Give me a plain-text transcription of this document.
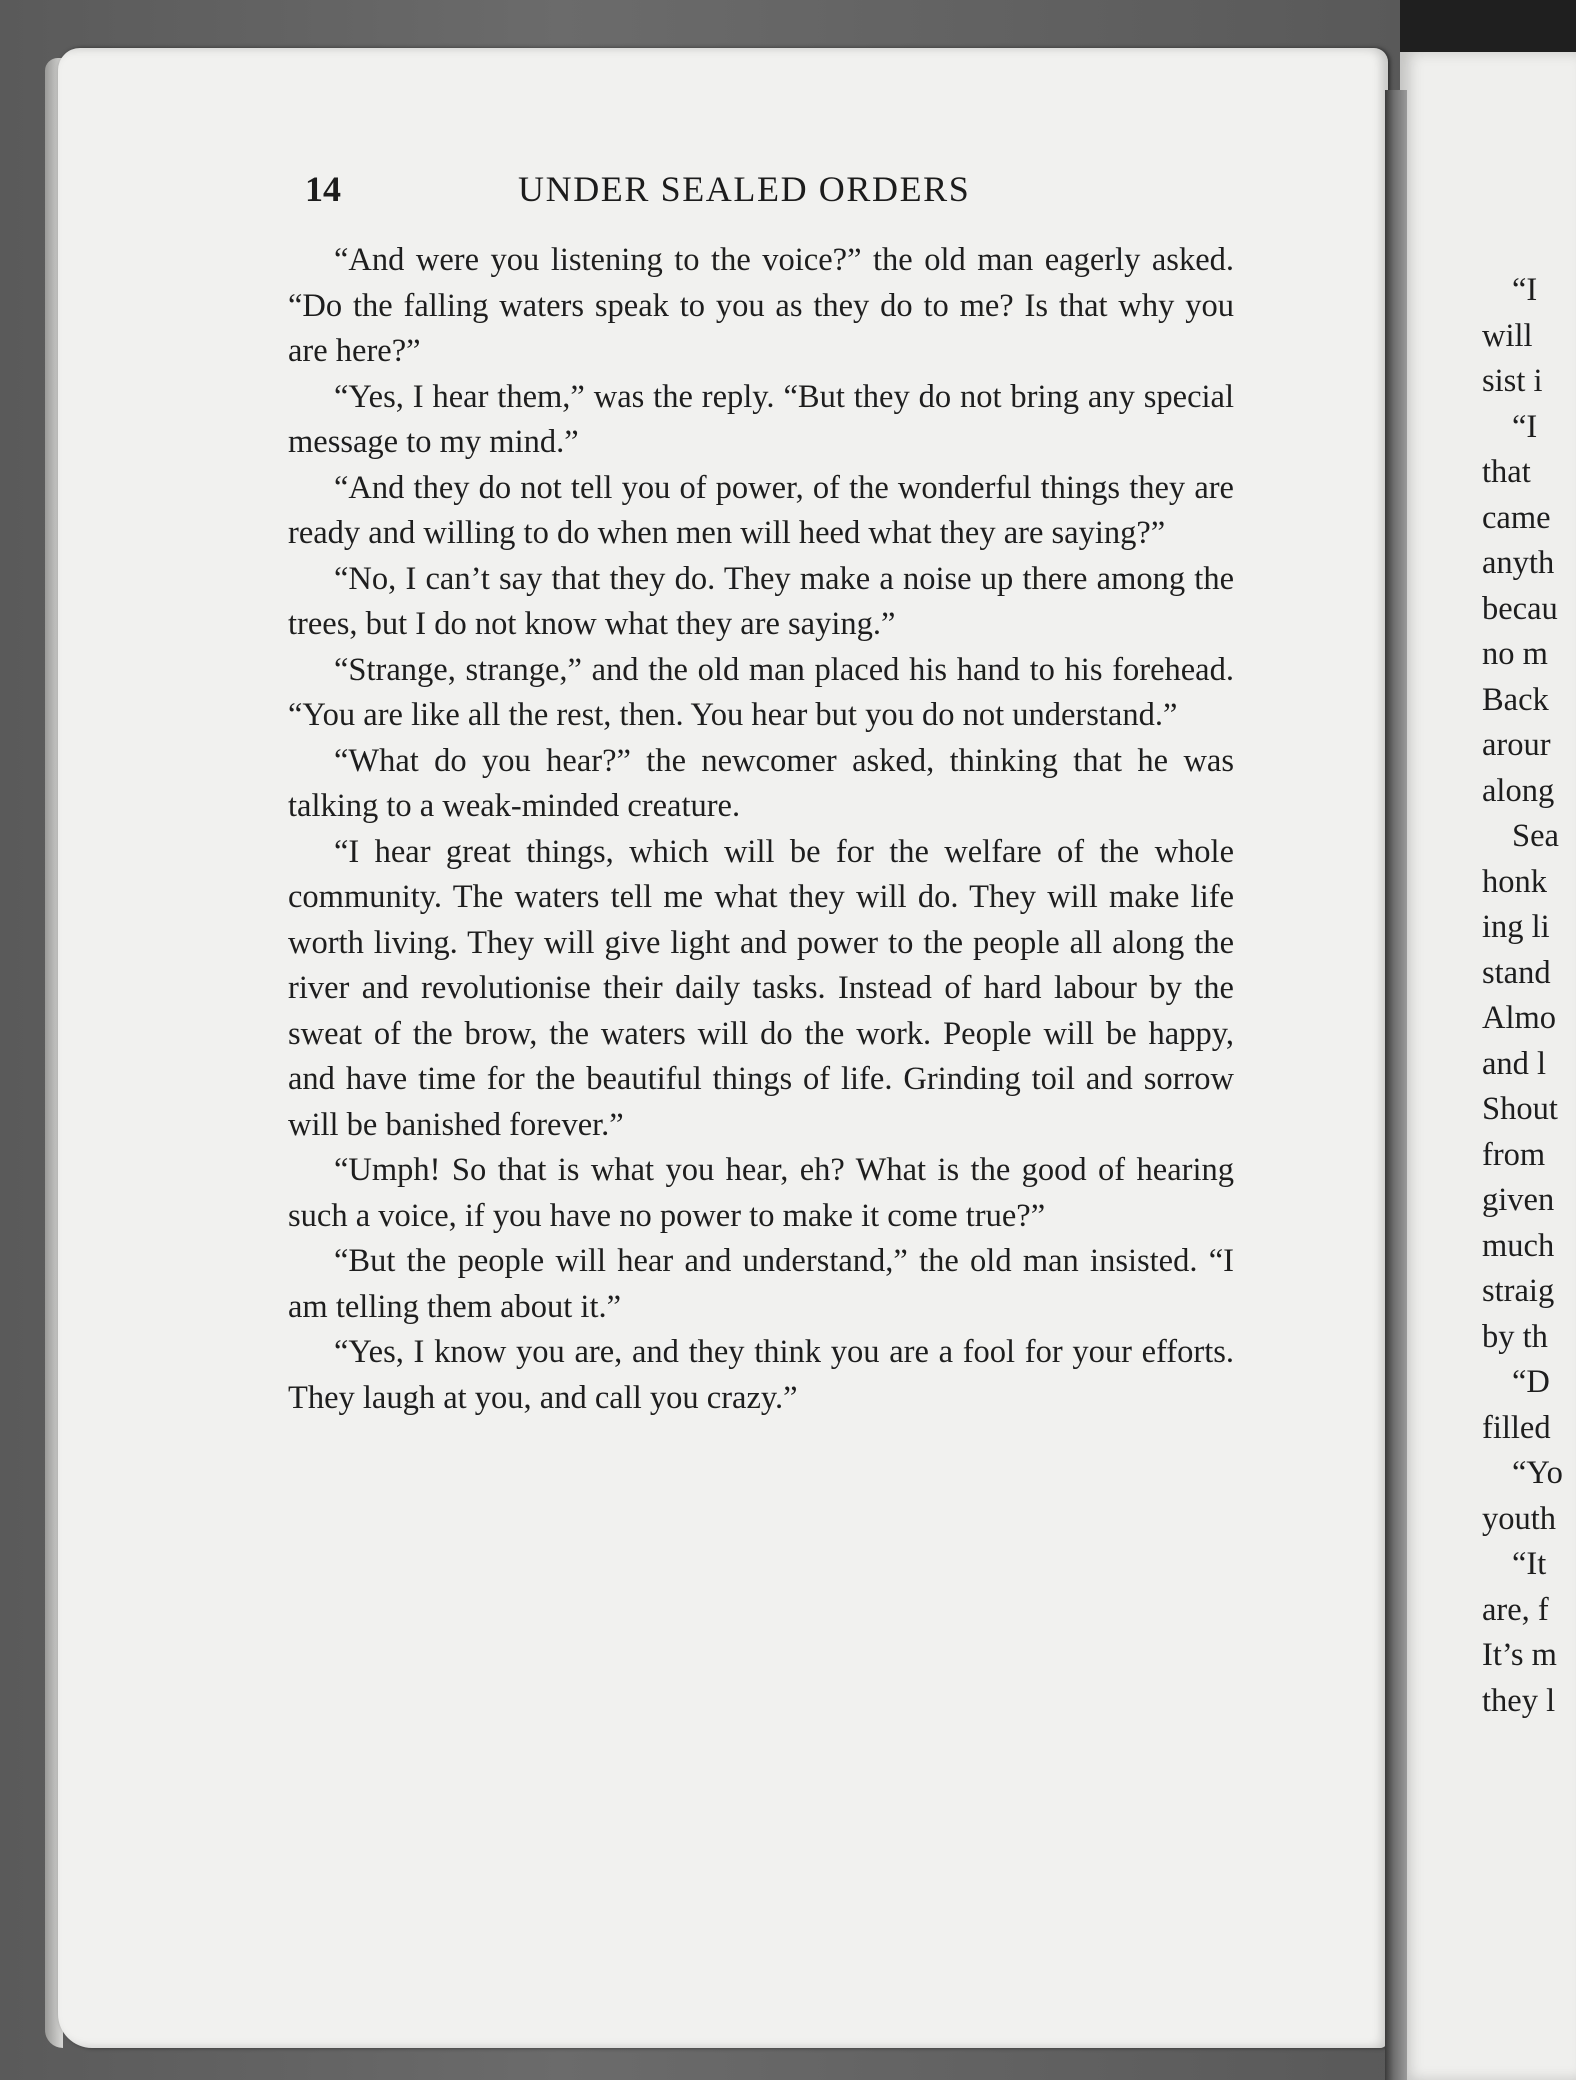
14	UNDER SEALED ORDERS

“And were you listening to the voice?” the old man eagerly asked. “Do the falling waters speak to you as they do to me? Is that why you are here?”

“Yes, I hear them,” was the reply. “But they do not bring any special message to my mind.”

“And they do not tell you of power, of the wonderful things they are ready and willing to do when men will heed what they are saying?”

“No, I can’t say that they do. They make a noise up there among the trees, but I do not know what they are saying.”

“Strange, strange,” and the old man placed his hand to his forehead. “You are like all the rest, then. You hear but you do not understand.”

“What do you hear?” the newcomer asked, thinking that he was talking to a weak-minded creature.

“I hear great things, which will be for the welfare of the whole community. The waters tell me what they will do. They will make life worth living. They will give light and power to the people all along the river and revolutionise their daily tasks. Instead of hard labour by the sweat of the brow, the waters will do the work. People will be happy, and have time for the beautiful things of life. Grinding toil and sorrow will be banished forever.”

“Umph! So that is what you hear, eh? What is the good of hearing such a voice, if you have no power to make it come true?”

“But the people will hear and understand,” the old man insisted. “I am telling them about it.”

“Yes, I know you are, and they think you are a fool for your efforts. They laugh at you, and call you crazy.”

“I
will
sist i
“I
that
came
anyth
becau
no m
Back
arour
along
Sea
honk
ing li
stand
Almo
and l
Shout
from
given
much
straig
by th
“D
filled
“Yo
youth
“It
are, f
It’s m
they l
